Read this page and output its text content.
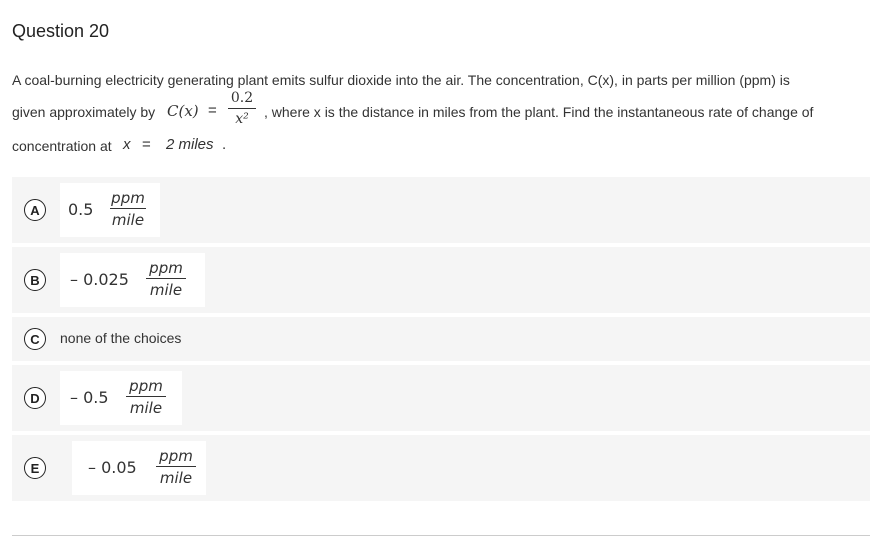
Question 20
A coal-burning electricity generating plant emits sulfur dioxide into the air. The concentration, C(x), in parts per million (ppm) is
given approximately by C(x) =
0.2
x²	, where x is the distance in miles from the plant. Find the instantaneous rate of change of
concentration at x = 2 miles .
A	0.5
ppm
mile
B	– 0.025
ppm
mile
C	none of the choices
D	– 0.5
ppm
mile
E	– 0.05
ppm
mile
